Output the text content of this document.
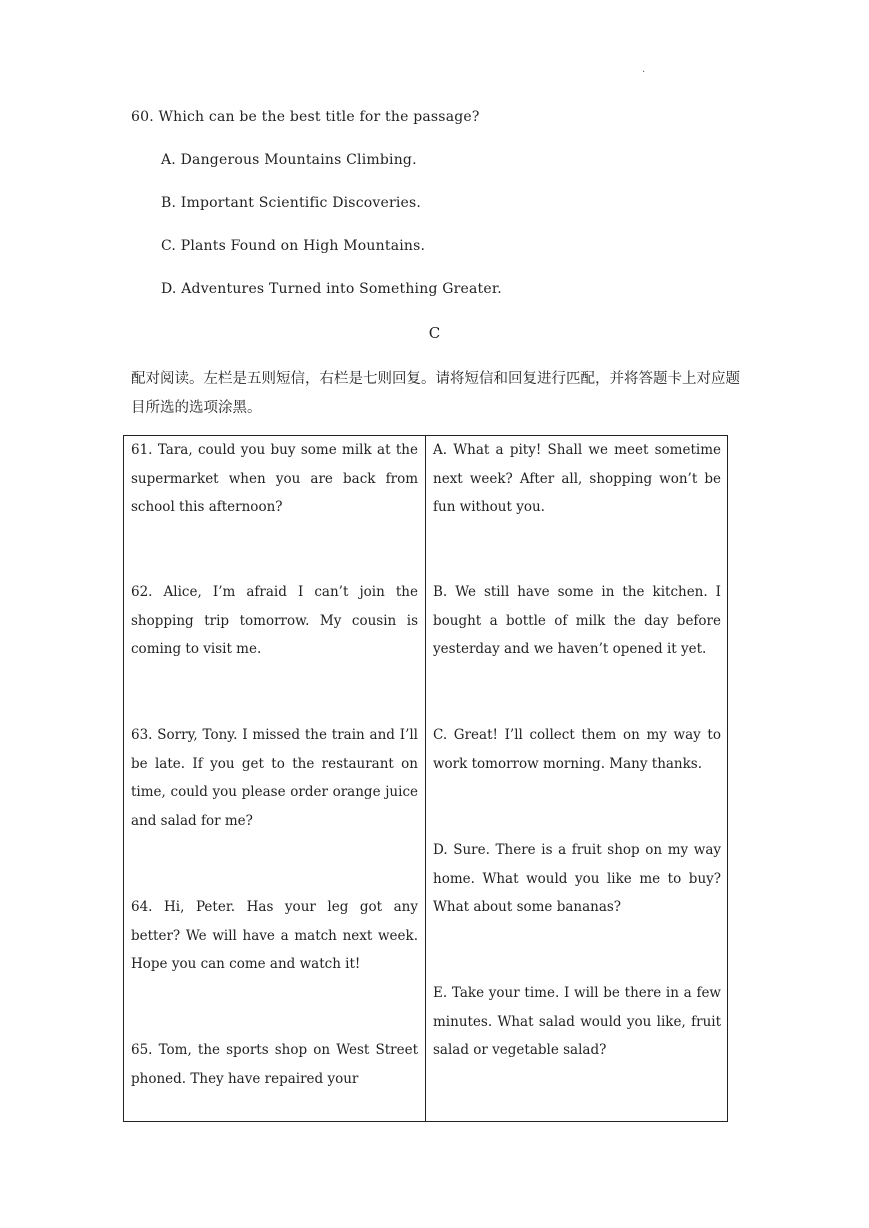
.
60. Which can be the best title for the passage?
A. Dangerous Mountains Climbing.
B. Important Scientific Discoveries.
C. Plants Found on High Mountains.
D. Adventures Turned into Something Greater.
C
配对阅读。左栏是五则短信，右栏是七则回复。请将短信和回复进行匹配，并将答题卡上对应题目所选的选项涂黑。
61. Tara, could you buy some milk at the supermarket when you are back from school this afternoon?
62. Alice, I’m afraid I can’t join the shopping trip tomorrow. My cousin is coming to visit me.
63. Sorry, Tony. I missed the train and I’ll be late. If you get to the restaurant on time, could you please order orange juice and salad for me?
64. Hi, Peter. Has your leg got any better? We will have a match next week. Hope you can come and watch it!
65. Tom, the sports shop on West Street phoned. They have repaired your
A. What a pity! Shall we meet sometime next week? After all, shopping won’t be fun without you.
B. We still have some in the kitchen. I bought a bottle of milk the day before yesterday and we haven’t opened it yet.
C. Great! I’ll collect them on my way to work tomorrow morning. Many thanks.
D. Sure. There is a fruit shop on my way home. What would you like me to buy? What about some bananas?
E. Take your time. I will be there in a few minutes. What salad would you like, fruit salad or vegetable salad?
